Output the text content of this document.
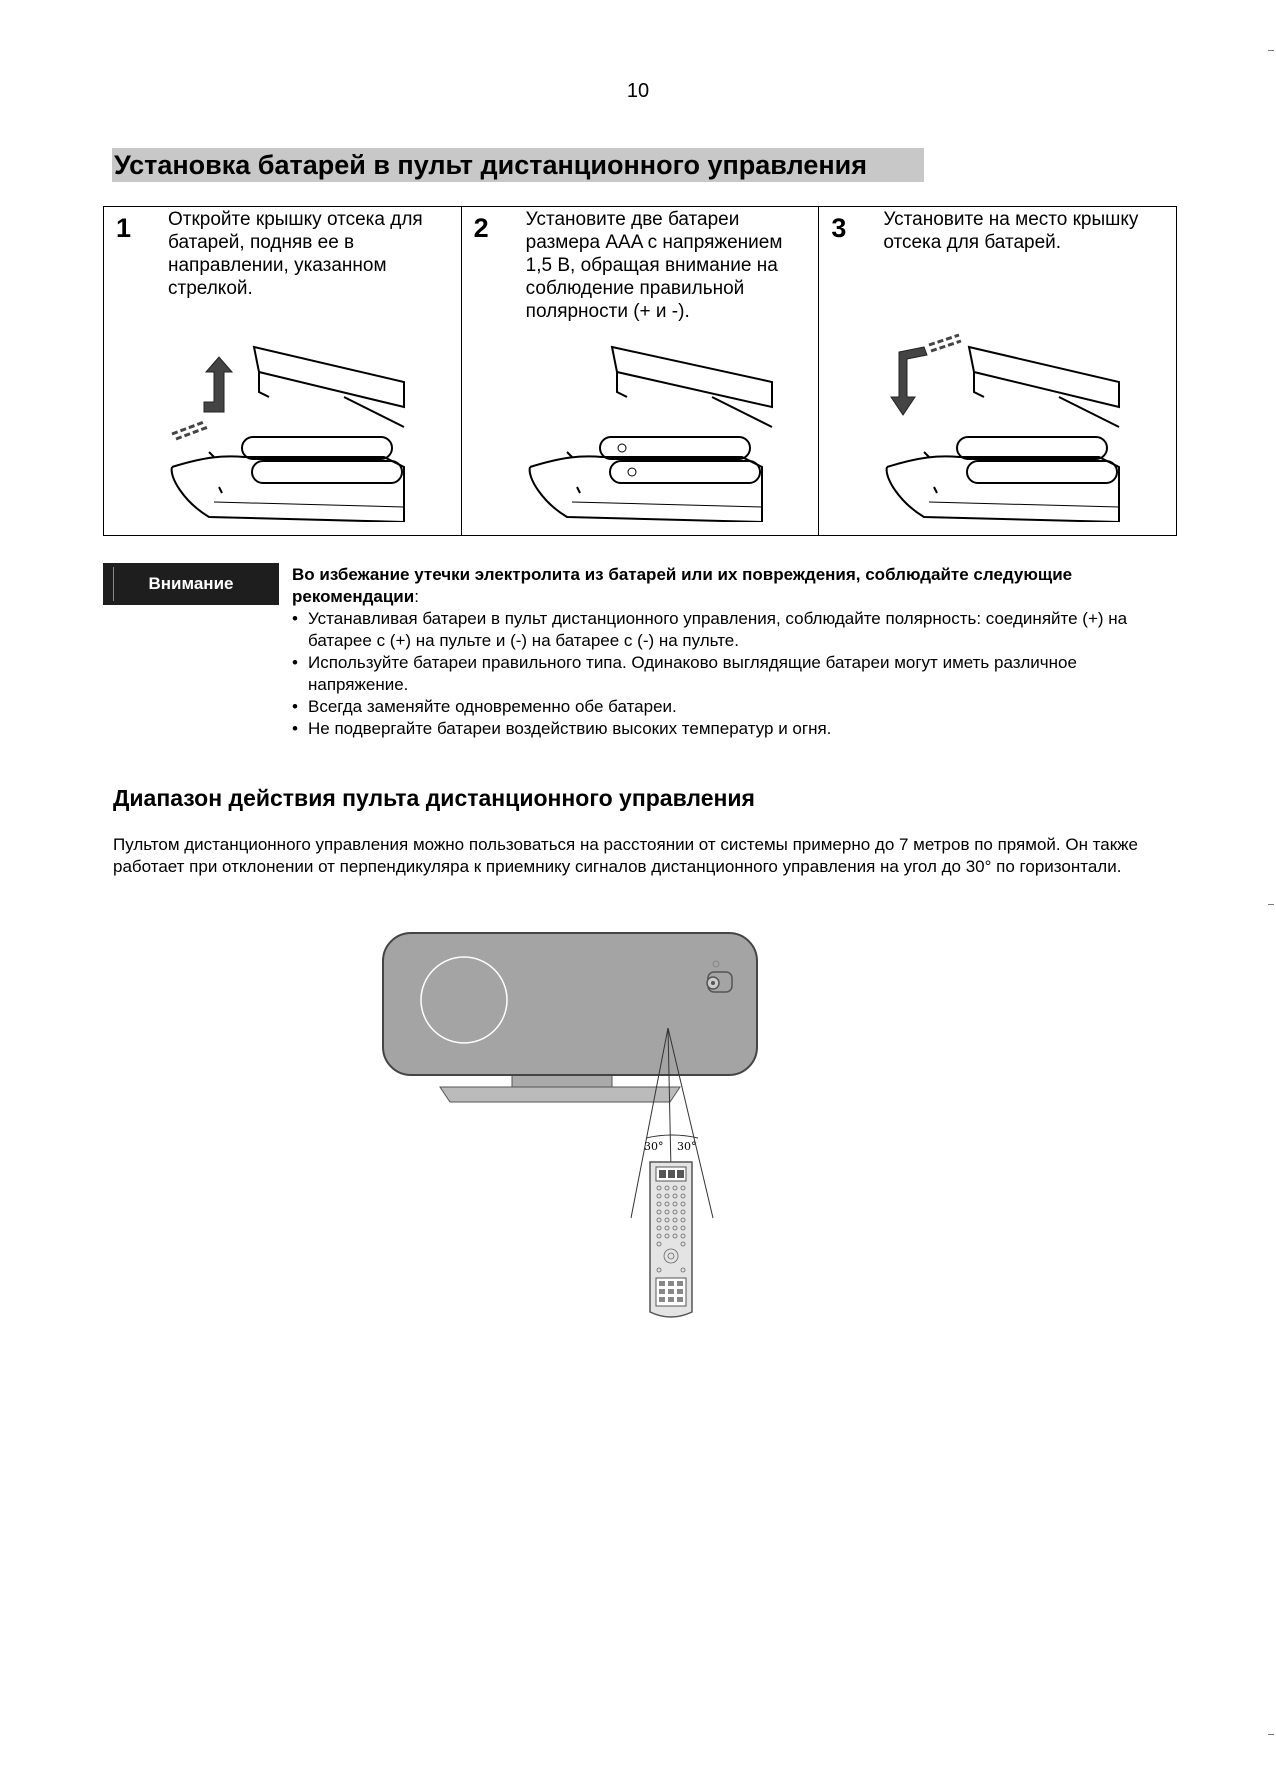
10
Установка батарей в пульт дистанционного управления
1 Откройте крышку отсека для батарей, подняв ее в направлении, указанном стрелкой.
2 Установите две батареи размера AAA с напряжением 1,5 В, обращая внимание на соблюдение правильной полярности (+ и -).
3 Установите на место крышку отсека для батарей.
Внимание	Во избежание утечки электролита из батарей или их повреждения, соблюдайте следующие рекомендации:
• Устанавливая батареи в пульт дистанционного управления, соблюдайте полярность: соединяйте (+) на батарее с (+) на пульте и (-) на батарее с (-) на пульте.
• Используйте батареи правильного типа. Одинаково выглядящие батареи могут иметь различное напряжение.
• Всегда заменяйте одновременно обе батареи.
• Не подвергайте батареи воздействию высоких температур и огня.
Диапазон действия пульта дистанционного управления
Пультом дистанционного управления можно пользоваться на расстоянии от системы примерно до 7 метров по прямой. Он также работает при отклонении от перпендикуляра к приемнику сигналов дистанционного управления на угол до 30° по горизонтали.
30° 30°
